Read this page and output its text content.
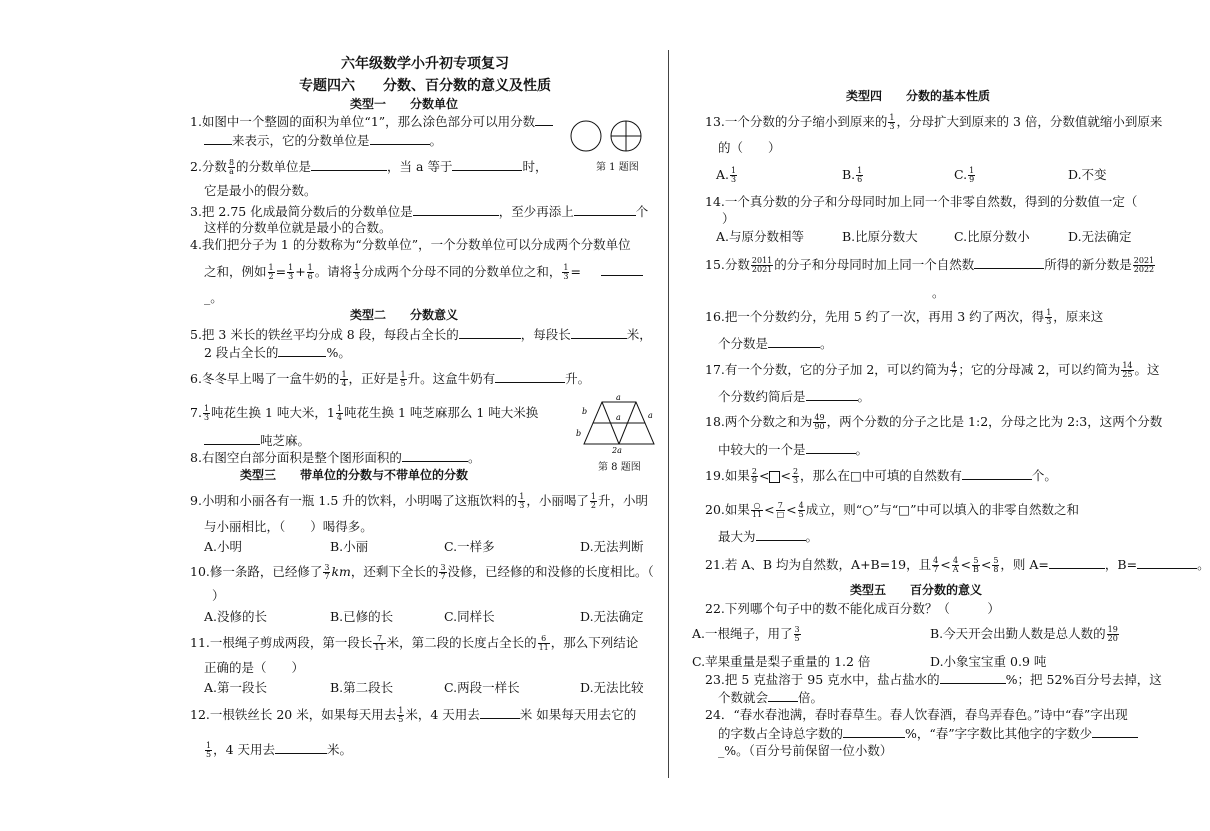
六年级数学小升初专项复习
专题四六　　分数、百分数的意义及性质
类型一　　分数单位
第 1 题图
1.如图中一个整圆的面积为单位“1”，那么涂色部分可以用分数
来表示，它的分数单位是	。
2.分数 $\frac{8}{a}$ 的分数单位是	，当 a 等于	时，
它是最小的假分数。
3.把 2.75 化成最简分数后的分数单位是	，至少再添上	个
这样的分数单位就是最小的合数。
4.我们把分子为 1 的分数称为“分数单位”，一个分数单位可以分成两个分数单位
之和，例如 $\frac{1}{2} = \frac{1}{3} + \frac{1}{6}$ 。请将 $\frac{1}{3}$ 分成两个分母不同的分数单位之和， $\frac{1}{3}$ =
_。
类型二　　分数意义
5.把 3 米长的铁丝平均分成 8 段，每段占全长的	，每段长	米，
2 段占全长的	%。
6.冬冬早上喝了一盒牛奶的 $\frac{1}{4}$ ，正好是 $\frac{1}{5}$ 升。这盒牛奶有	升。
a
b
b
a	a
2a
第 8 题图
7. $\frac{1}{3}$ 吨花生换 1 吨大米，$1 \frac{1}{4}$ 吨花生换 1 吨芝麻那么 1 吨大米换
吨芝麻。
8.右图空白部分面积是整个图形面积的	。
类型三　　带单位的分数与不带单位的分数
9.小明和小丽各有一瓶 1.5 升的饮料，小明喝了这瓶饮料的 $\frac{1}{3}$ ，小丽喝了 $\frac{1}{2}$ 升，小明
与小丽相比，（　　）喝得多。
A.小明	B.小丽	C.一样多	D.无法判断
10.修一条路，已经修了 $\frac{3}{7}$ km，还剩下全长的 $\frac{3}{7}$ 没修，已经修的和没修的长度相比。（
）
A.没修的长	B.已修的长	C.同样长	D.无法确定
11.一根绳子剪成两段，第一段长 $\frac{7}{11}$ 米，第二段的长度占全长的 $\frac{6}{11}$ ，那么下列结论
正确的是（　　）
A.第一段长	B.第二段长	C.两段一样长	D.无法比较
12.一根铁丝长 20 米，如果每天用去 $\frac{1}{5}$ 米，4 天用去	米 如果每天用去它的
$\frac{1}{5}$ ，4 天用去	米。
类型四　　分数的基本性质
13.一个分数的分子缩小到原来的 $\frac{1}{3}$ ，分母扩大到原来的 3 倍，分数值就缩小到原来
的（　　）
A. $\frac{1}{3}$	B. $\frac{1}{6}$	C. $\frac{1}{9}$	D.不变
14.一个真分数的分子和分母同时加上同一个非零自然数，得到的分数值一定（
）
A.与原分数相等	B.比原分数大	C.比原分数小	D.无法确定
15.分数 $\frac{2011}{2021}$ 的分子和分母同时加上同一个自然数	所得的新分数是 $\frac{2021}{2022}$
。
16.把一个分数约分，先用 5 约了一次，再用 3 约了两次，得 $\frac{1}{3}$ ，原来这
个分数是	。
17.有一个分数，它的分子加 2，可以约简为 $\frac{4}{7}$ ；它的分母减 2，可以约简为 $\frac{14}{25}$ 。这
个分数约简后是	。
18.两个分数之和为 $\frac{49}{90}$ ，两个分数的分子之比是 1:2，分母之比为 2:3，这两个分数
中较大的一个是	。
19.如果 $\frac{2}{9}$ < < $\frac{2}{3}$ ，那么在□中可填的自然数有	个。
20.如果 $\frac{○}{11} < \frac{7}{□} < \frac{4}{5}$ 成立，则“○”与“□”中可以填入的非零自然数之和
最大为	。
21.若 A、B 均为自然数，A+B=19，且 $\frac{4}{7} < \frac{4}{A} < \frac{5}{B} < \frac{5}{8}$ ，则 A=	，B=	。
类型五　　百分数的意义
22.下列哪个句子中的数不能化成百分数？（　　　）
A.一根绳子，用了 $\frac{3}{5}$	B.今天开会出勤人数是总人数的 $\frac{19}{20}$
C.苹果重量是梨子重量的 1.2 倍	D.小象宝宝重 0.9 吨
23.把 5 克盐溶于 95 克水中，盐占盐水的	%；把 52%百分号去掉，这
个数就会 倍。
24．“春水春池满，春时春草生。春人饮春酒，春鸟弄春色。”诗中“春”字出现
的字数占全诗总字数的	%，“春”字字数比其他字的字数少
_%。（百分号前保留一位小数）
